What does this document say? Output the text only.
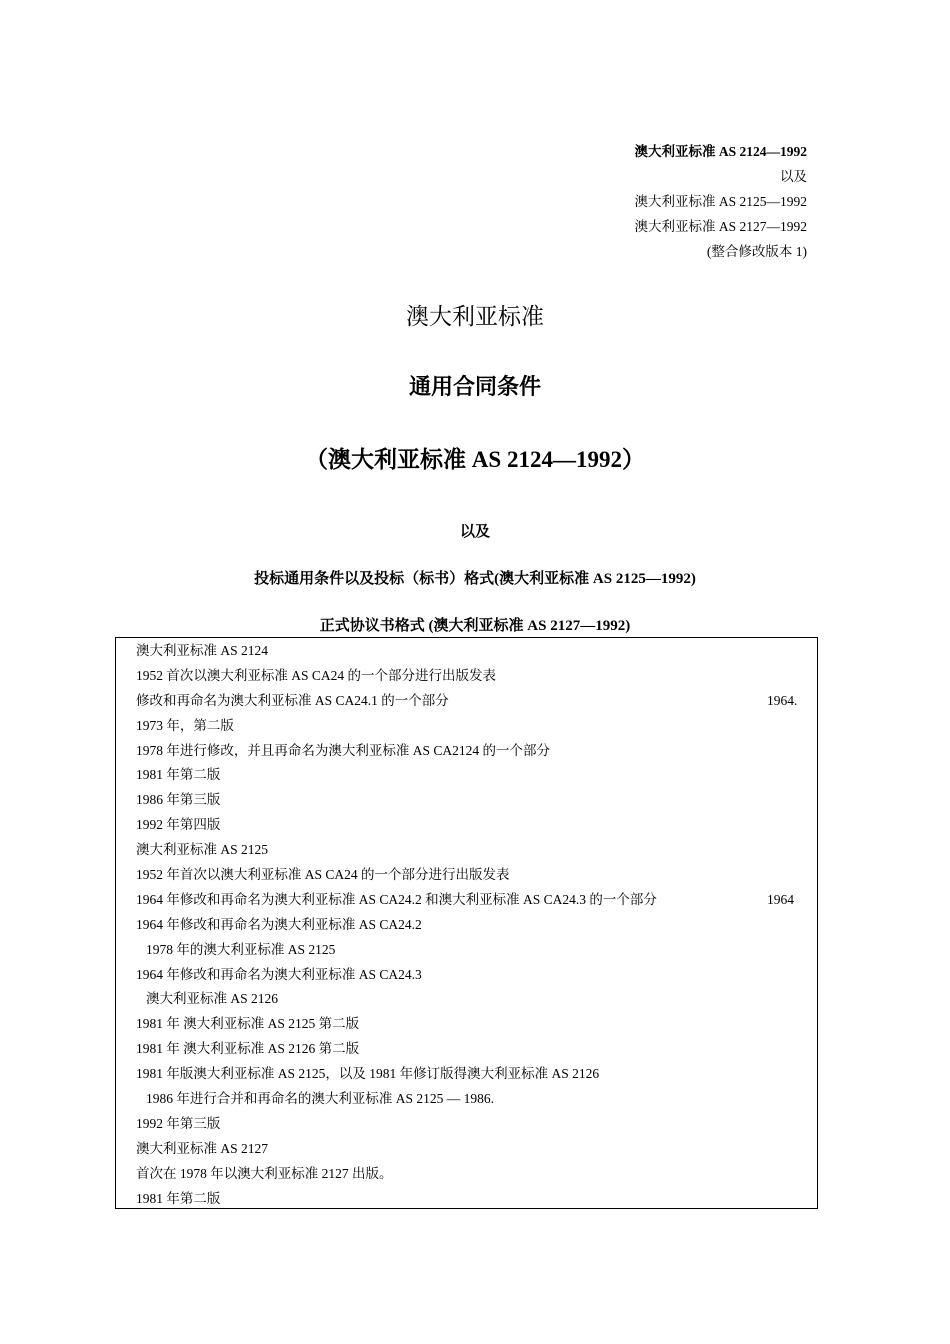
澳大利亚标准 AS 2124—1992
以及
澳大利亚标准 AS 2125—1992
澳大利亚标准 AS 2127—1992
(整合修改版本 1)
澳大利亚标准
通用合同条件
（澳大利亚标准 AS 2124—1992）
以及
投标通用条件以及投标（标书）格式(澳大利亚标准 AS 2125—1992)
正式协议书格式 (澳大利亚标准 AS 2127—1992)
澳大利亚标准 AS 2124
1952 首次以澳大利亚标准 AS CA24 的一个部分进行出版发表
修改和再命名为澳大利亚标准 AS CA24.1 的一个部分	1964.
1973 年，第二版
1978 年进行修改，并且再命名为澳大利亚标准 AS CA2124 的一个部分
1981 年第二版
1986 年第三版
1992 年第四版
澳大利亚标准 AS 2125
1952 年首次以澳大利亚标准 AS CA24 的一个部分进行出版发表
1964 年修改和再命名为澳大利亚标准 AS CA24.2 和澳大利亚标准 AS CA24.3 的一个部分	1964
1964 年修改和再命名为澳大利亚标准 AS CA24.2
1978 年的澳大利亚标准 AS 2125
1964 年修改和再命名为澳大利亚标准 AS CA24.3
澳大利亚标准 AS 2126
1981 年 澳大利亚标准 AS 2125 第二版
1981 年 澳大利亚标准 AS 2126 第二版
1981 年版澳大利亚标准 AS 2125，以及 1981 年修订版得澳大利亚标准 AS 2126
1986 年进行合并和再命名的澳大利亚标准 AS 2125 — 1986.
1992 年第三版
澳大利亚标准 AS 2127
首次在 1978 年以澳大利亚标准 2127 出版。
1981 年第二版
